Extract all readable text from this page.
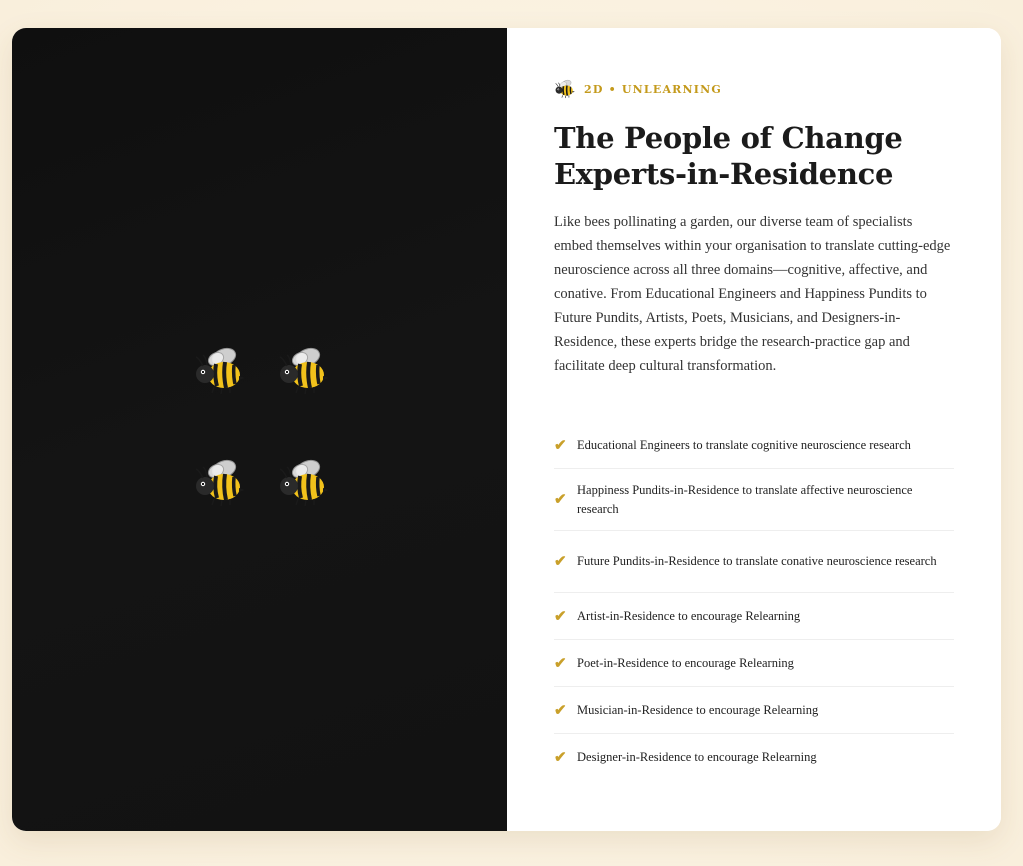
2D • UNLEARNING
The People of Change
Experts-in-Residence

Like bees pollinating a garden, our diverse team of specialists embed themselves within your organisation to translate cutting-edge neuroscience across all three domains—cognitive, affective, and conative. From Educational Engineers and Happiness Pundits to Future Pundits, Artists, Poets, Musicians, and Designers-in-Residence, these experts bridge the research-practice gap and facilitate deep cultural transformation.

✔ Educational Engineers to translate cognitive neuroscience research
✔
Happiness Pundits-in-Residence to translate affective neuroscience research
✔ Future Pundits-in-Residence to translate conative neuroscience research
✔ Artist-in-Residence to encourage Relearning
✔ Poet-in-Residence to encourage Relearning
✔ Musician-in-Residence to encourage Relearning
✔ Designer-in-Residence to encourage Relearning
